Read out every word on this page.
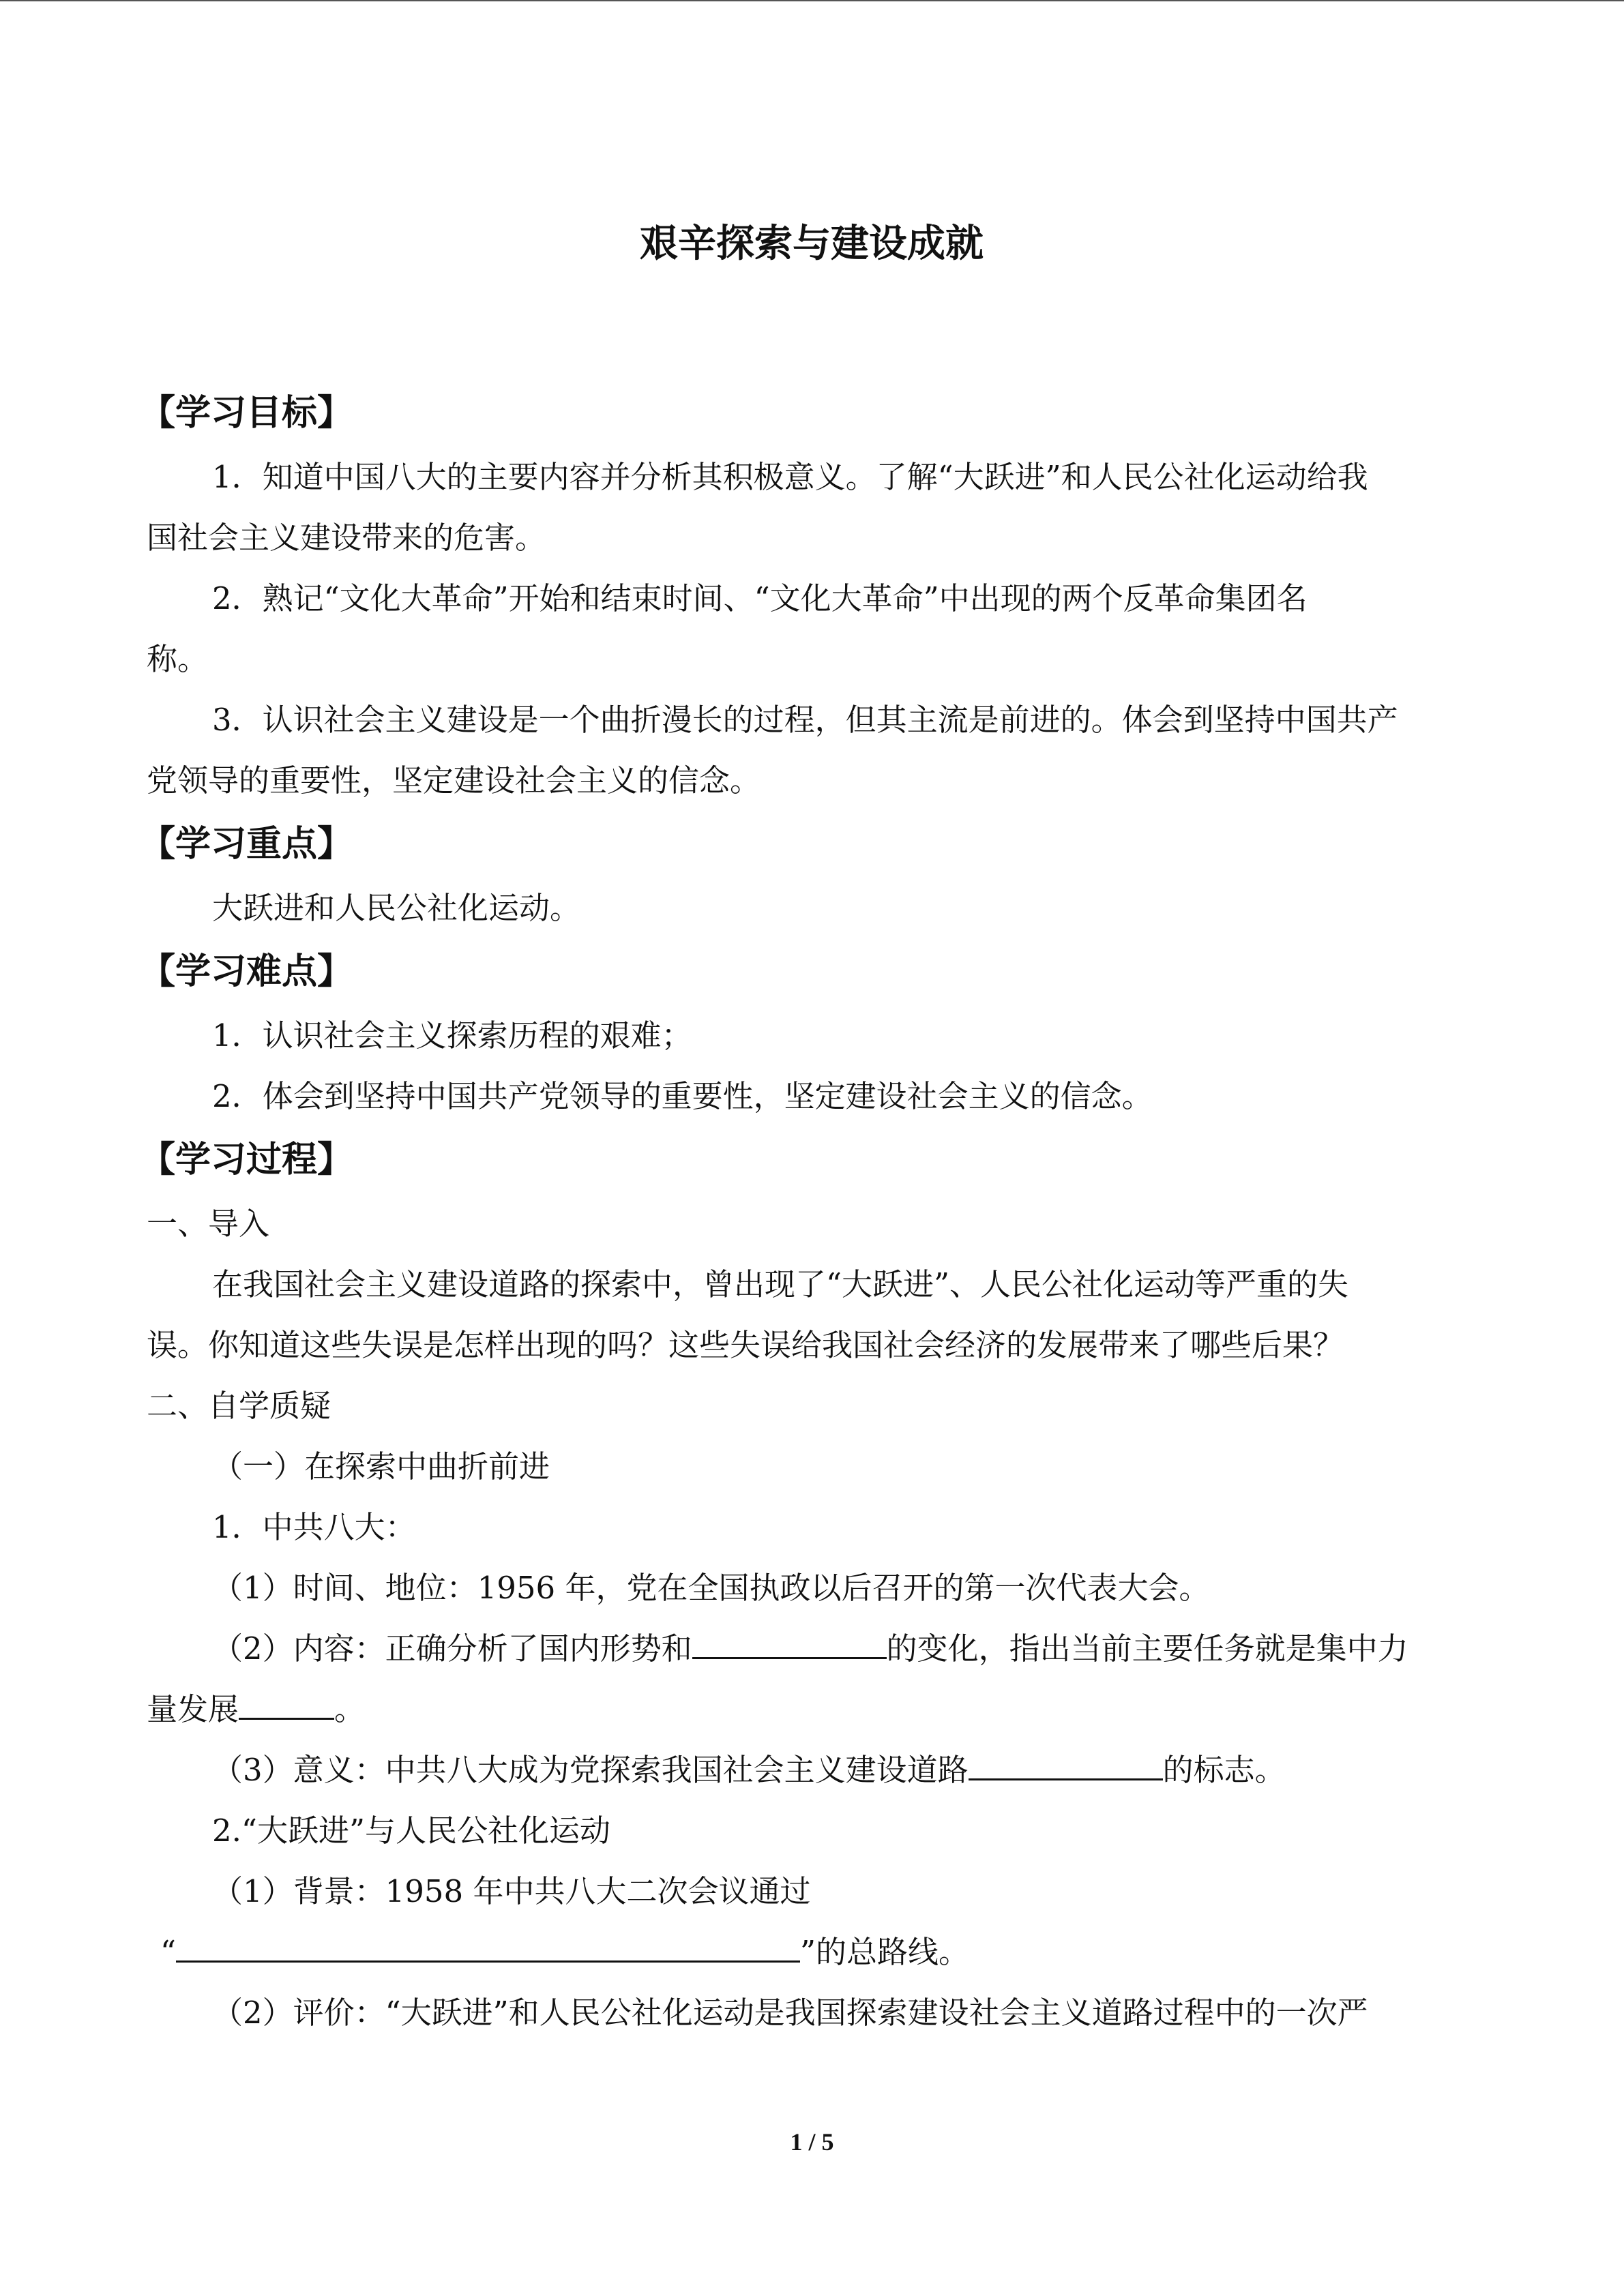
艰辛探索与建设成就
【学习目标】
1．知道中国八大的主要内容并分析其积极意义。了解“大跃进”和人民公社化运动给我
国社会主义建设带来的危害。
2．熟记“文化大革命”开始和结束时间、“文化大革命”中出现的两个反革命集团名
称。
3．认识社会主义建设是一个曲折漫长的过程，但其主流是前进的。体会到坚持中国共产
党领导的重要性，坚定建设社会主义的信念。
【学习重点】
大跃进和人民公社化运动。
【学习难点】
1．认识社会主义探索历程的艰难；
2．体会到坚持中国共产党领导的重要性，坚定建设社会主义的信念。
【学习过程】
一、导入
在我国社会主义建设道路的探索中，曾出现了“大跃进”、人民公社化运动等严重的失
误。你知道这些失误是怎样出现的吗？这些失误给我国社会经济的发展带来了哪些后果？
二、自学质疑
（一）在探索中曲折前进
1．中共八大：
（1）时间、地位：1956 年，党在全国执政以后召开的第一次代表大会。
（2）内容：正确分析了国内形势和	的变化，指出当前主要任务就是集中力
量发展	。
（3）意义：中共八大成为党探索我国社会主义建设道路	的标志。
2.“大跃进”与人民公社化运动
（1）背景：1958 年中共八大二次会议通过
“	”的总路线。
（2）评价：“大跃进”和人民公社化运动是我国探索建设社会主义道路过程中的一次严
1 / 5
